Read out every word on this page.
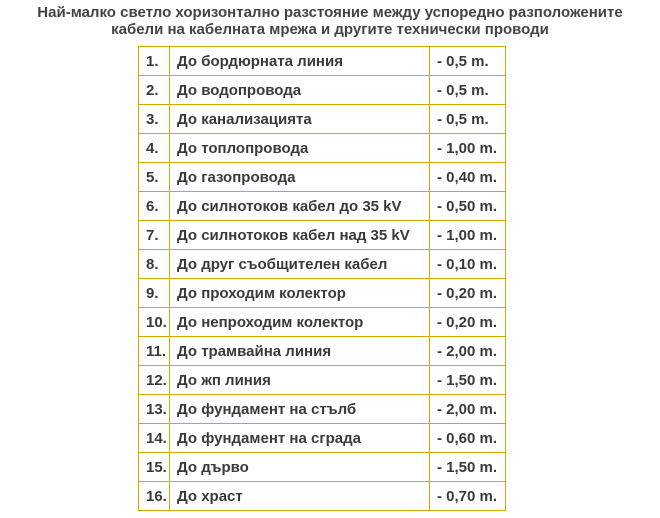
Най-малко светло хоризонтално разстояние между успоредно разположените
кабели на кабелната мрежа и другите технически проводи
1.	До бордюрната линия	- 0,5 m.
2.	До водопровода	- 0,5 m.
3.	До канализацията	- 0,5 m.
4.	До топлопровода	- 1,00 m.
5.	До газопровода	- 0,40 m.
6.	До силнотоков кабел до 35 kV	- 0,50 m.
7.	До силнотоков кабел над 35 kV	- 1,00 m.
8.	До друг съобщителен кабел	- 0,10 m.
9.	До проходим колектор	- 0,20 m.
10.	До непроходим колектор	- 0,20 m.
11.	До трамвайна линия	- 2,00 m.
12.	До жп линия	- 1,50 m.
13.	До фундамент на стълб	- 2,00 m.
14.	До фундамент на сграда	- 0,60 m.
15.	До дърво	- 1,50 m.
16.	До храст	- 0,70 m.
